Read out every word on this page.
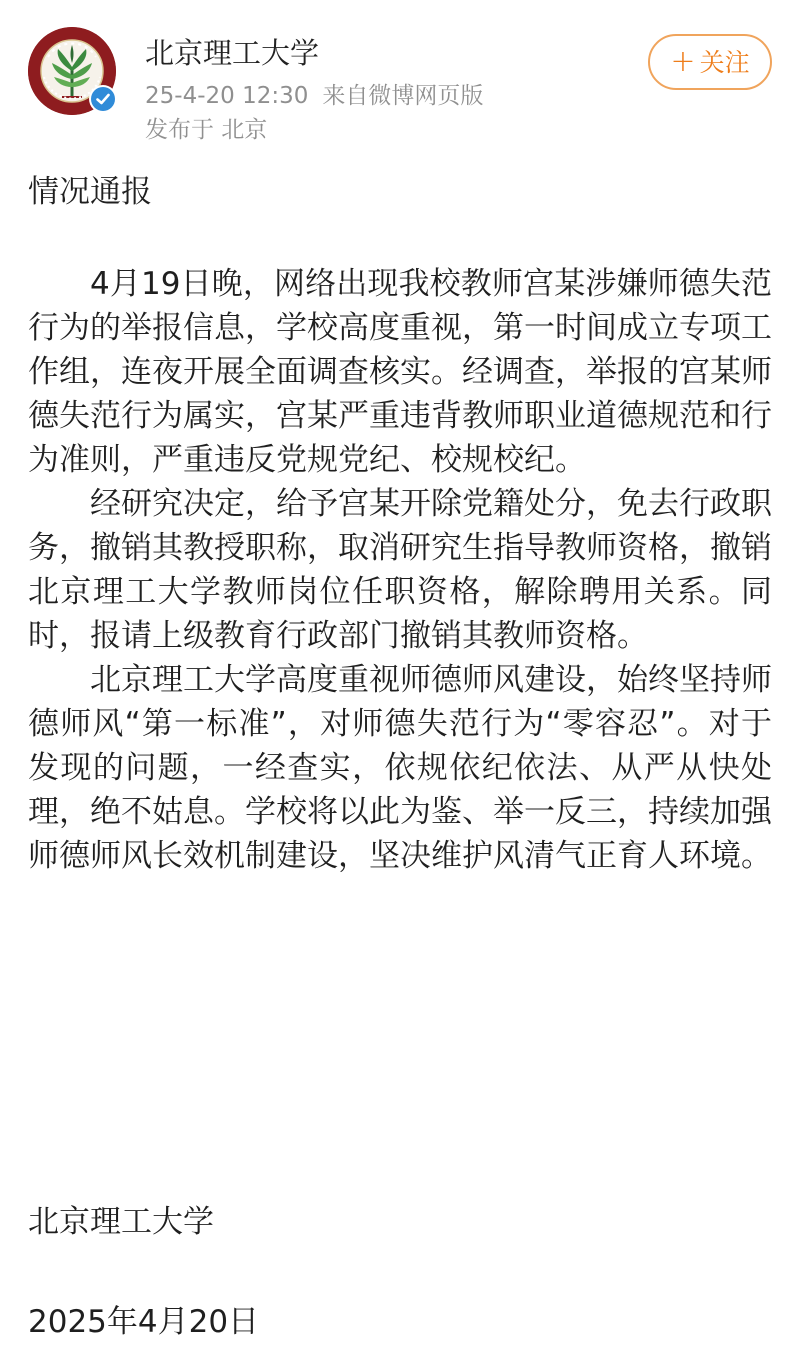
北京理工大学
25-4-20 12:30 来自微博网页版
发布于 北京
+ 关注
情况通报

4月19日晚，网络出现我校教师宫某涉嫌师德失范行为的举报信息，学校高度重视，第一时间成立专项工作组，连夜开展全面调查核实。经调查，举报的宫某师德失范行为属实，宫某严重违背教师职业道德规范和行为准则，严重违反党规党纪、校规校纪。

经研究决定，给予宫某开除党籍处分，免去行政职务，撤销其教授职称，取消研究生指导教师资格，撤销北京理工大学教师岗位任职资格，解除聘用关系。同时，报请上级教育行政部门撤销其教师资格。

北京理工大学高度重视师德师风建设，始终坚持师德师风“第一标准”，对师德失范行为“零容忍”。对于发现的问题，一经查实，依规依纪依法、从严从快处理，绝不姑息。学校将以此为鉴、举一反三，持续加强师德师风长效机制建设，坚决维护风清气正育人环境。

北京理工大学
2025年4月20日
